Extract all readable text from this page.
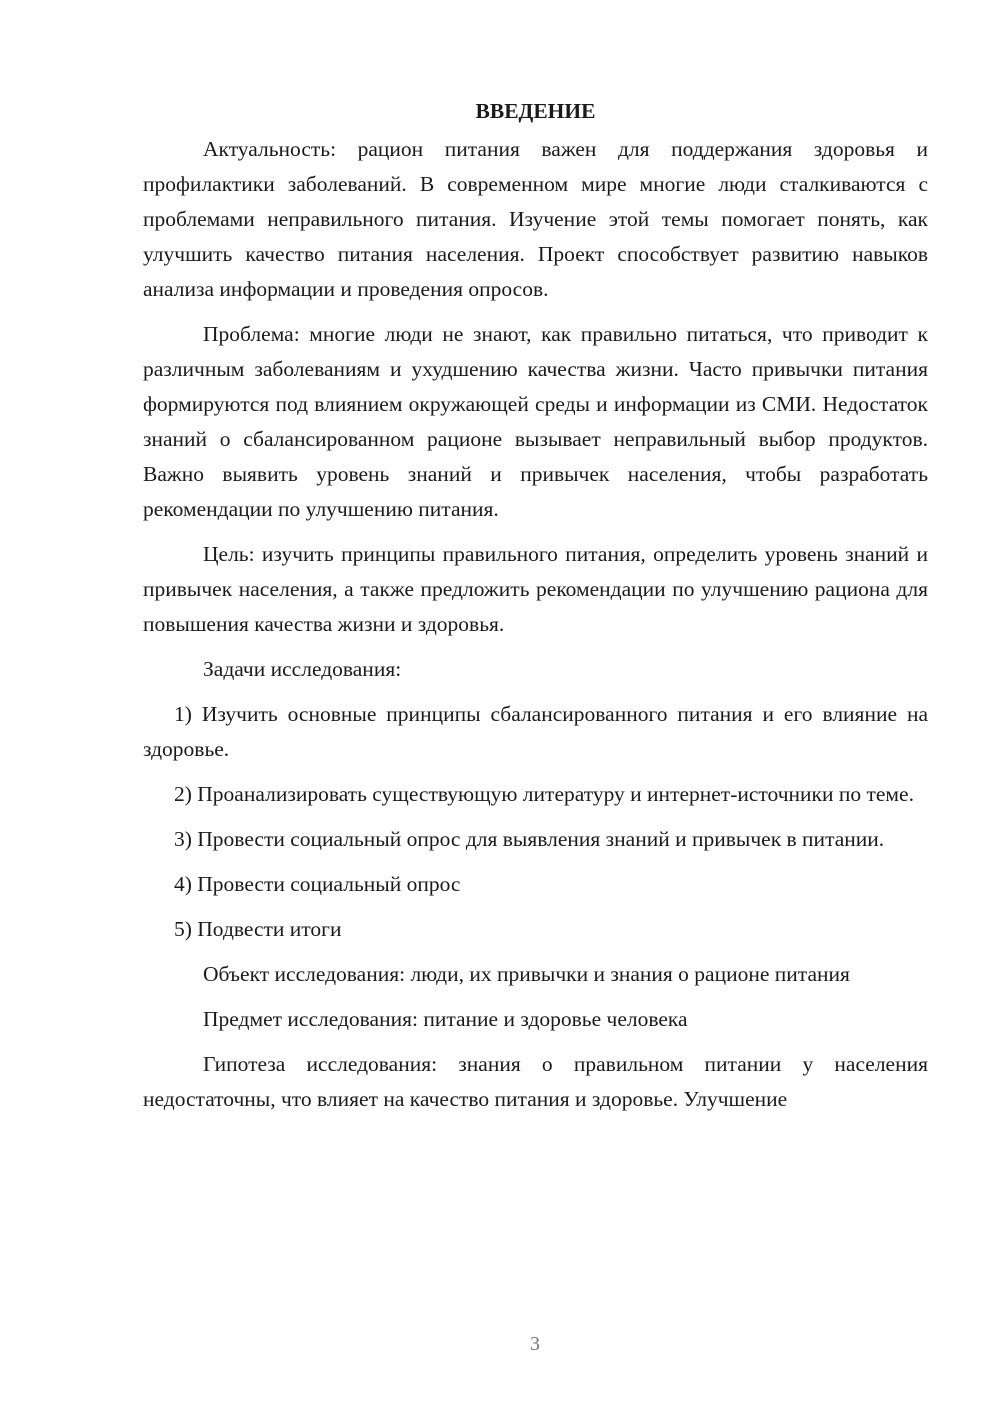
ВВЕДЕНИЕ

Актуальность: рацион питания важен для поддержания здоровья и профилактики заболеваний. В современном мире многие люди сталкиваются с проблемами неправильного питания. Изучение этой темы помогает понять, как улучшить качество питания населения. Проект способствует развитию навыков анализа информации и проведения опросов.

Проблема: многие люди не знают, как правильно питаться, что приводит к различным заболеваниям и ухудшению качества жизни. Часто привычки питания формируются под влиянием окружающей среды и информации из СМИ. Недостаток знаний о сбалансированном рационе вызывает неправильный выбор продуктов. Важно выявить уровень знаний и привычек населения, чтобы разработать рекомендации по улучшению питания.

Цель: изучить принципы правильного питания, определить уровень знаний и привычек населения, а также предложить рекомендации по улучшению рациона для повышения качества жизни и здоровья.

Задачи исследования:

1) Изучить основные принципы сбалансированного питания и его влияние на здоровье.

2) Проанализировать существующую литературу и интернет-источники по теме.

3) Провести социальный опрос для выявления знаний и привычек в питании.

4) Провести социальный опрос

5) Подвести итоги

Объект исследования: люди, их привычки и знания о рационе питания

Предмет исследования: питание и здоровье человека

Гипотеза исследования: знания о правильном питании у населения недостаточны, что влияет на качество питания и здоровье. Улучшение

3
